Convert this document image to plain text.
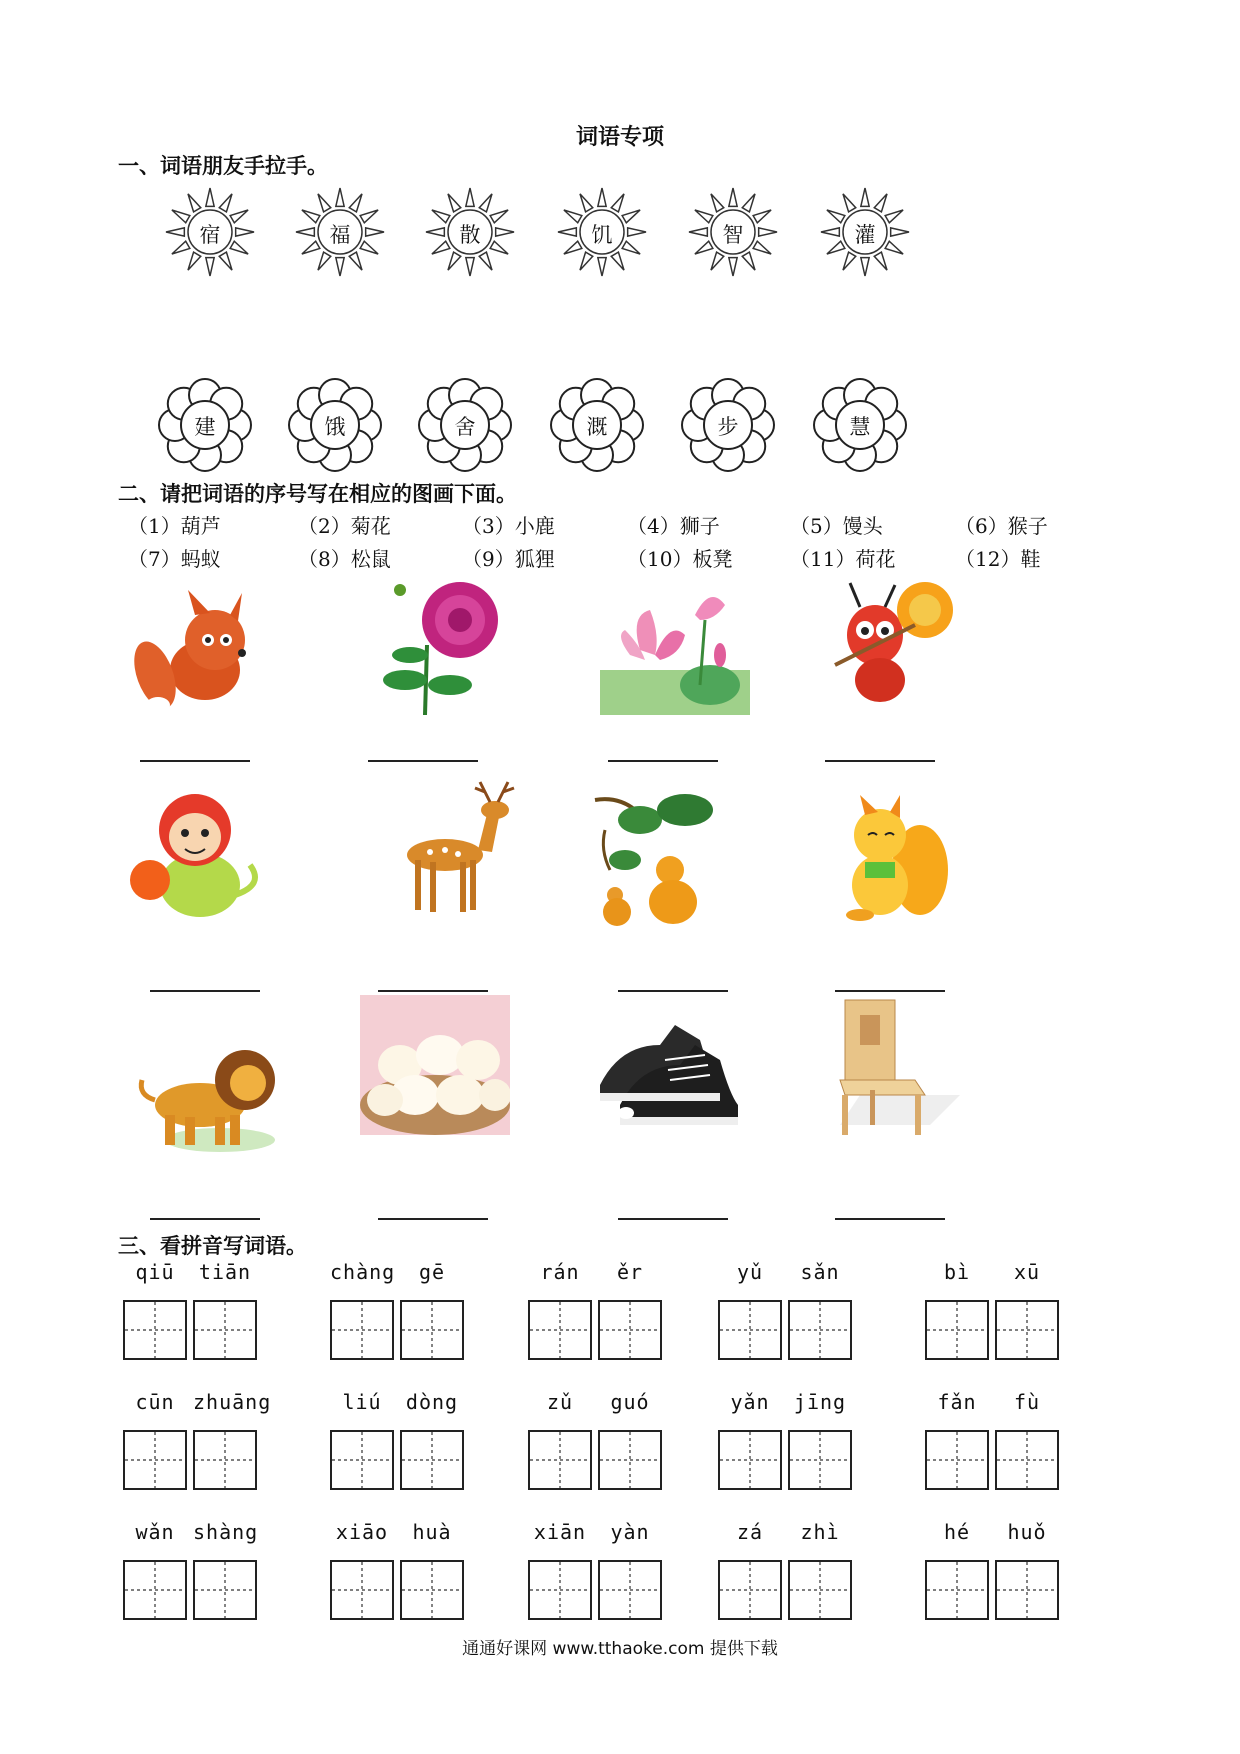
词语专项
一、词语朋友手拉手。
二、请把词语的序号写在相应的图画下面。
三、看拼音写词语。
通通好课网 www.tthaoke.com 提供下载
宿	福	散	饥	智	灌
建	饿	舍	溉	步	慧
（1）葫芦	（2）菊花	（3）小鹿	（4）狮子	（5）馒头	（6）猴子
（7）蚂蚁	（8）松鼠	（9）狐狸	（10）板凳	（11）荷花	（12）鞋
qiū	tiān	chàng	gē	rán	ěr	yǔ	sǎn	bì	xū
cūn zhuāng	liú	dòng	zǔ	guó	yǎn	jīng	fǎn	fù
wǎn shàng	xiāo	huà	xiān	yàn	zá	zhì	hé	huǒ
